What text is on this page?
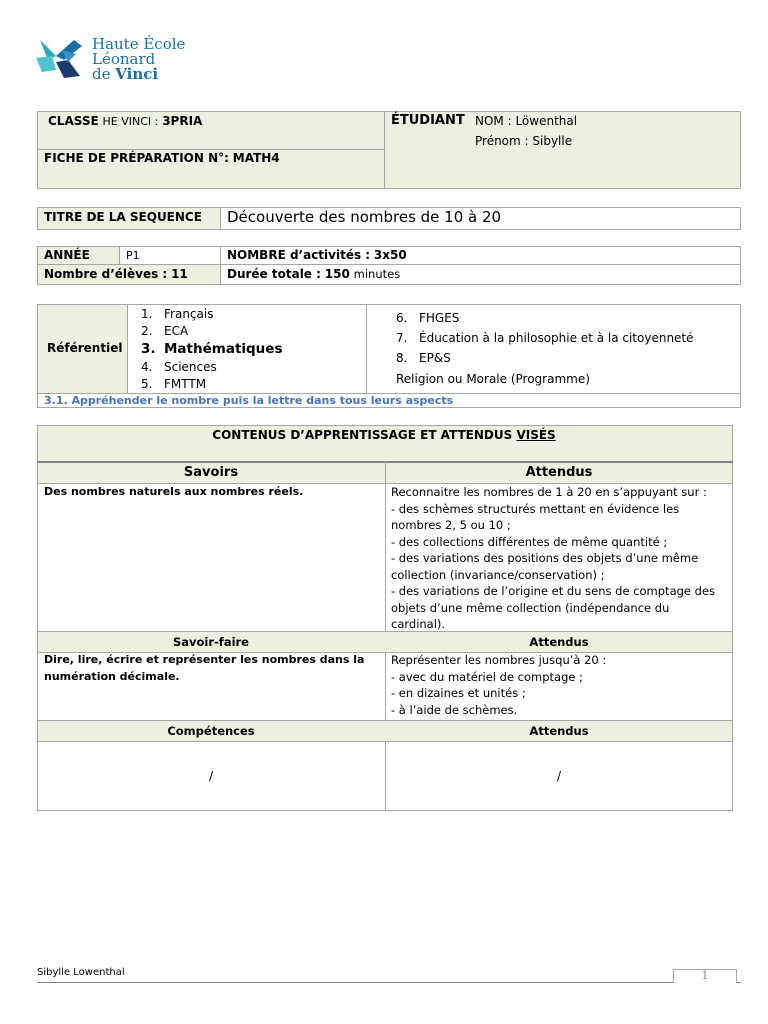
Haute École
Léonard
de Vinci
CLASSE HE VINCI : 3PRIA
FICHE DE PRÉPARATION N°: MATH4
ÉTUDIANT NOM : Löwenthal
Prénom : Sibylle
TITRE DE LA SEQUENCE Découverte des nombres de 10 à 20
ANNÉE	P1	NOMBRE d’activités : 3x50
Nombre d’élèves : 11	Durée totale : 150 minutes
Référentiel
1. Français
2. ECA
3. Mathématiques
4. Sciences
5. FMTTM
6. FHGES
7. Éducation à la philosophie et à la citoyenneté
8. EP&S
Religion ou Morale (Programme)
3.1. Appréhender le nombre puis la lettre dans tous leurs aspects
CONTENUS D’APPRENTISSAGE ET ATTENDUS VISÉS
Savoirs	Attendus
Des nombres naturels aux nombres réels.	Reconnaitre les nombres de 1 à 20 en s’appuyant sur :
- des schèmes structurés mettant en évidence les
nombres 2, 5 ou 10 ;
- des collections différentes de même quantité ;
- des variations des positions des objets d’une même
collection (invariance/conservation) ;
- des variations de l’origine et du sens de comptage des
objets d’une même collection (indépendance du
cardinal).
Savoir-faire	Attendus
Dire, lire, écrire et représenter les nombres dans la
numération décimale.
Représenter les nombres jusqu’à 20 :
- avec du matériel de comptage ;
- en dizaines et unités ;
- à l’aide de schèmes.
Compétences	Attendus
/	/
Sibylle Lowenthal	1
